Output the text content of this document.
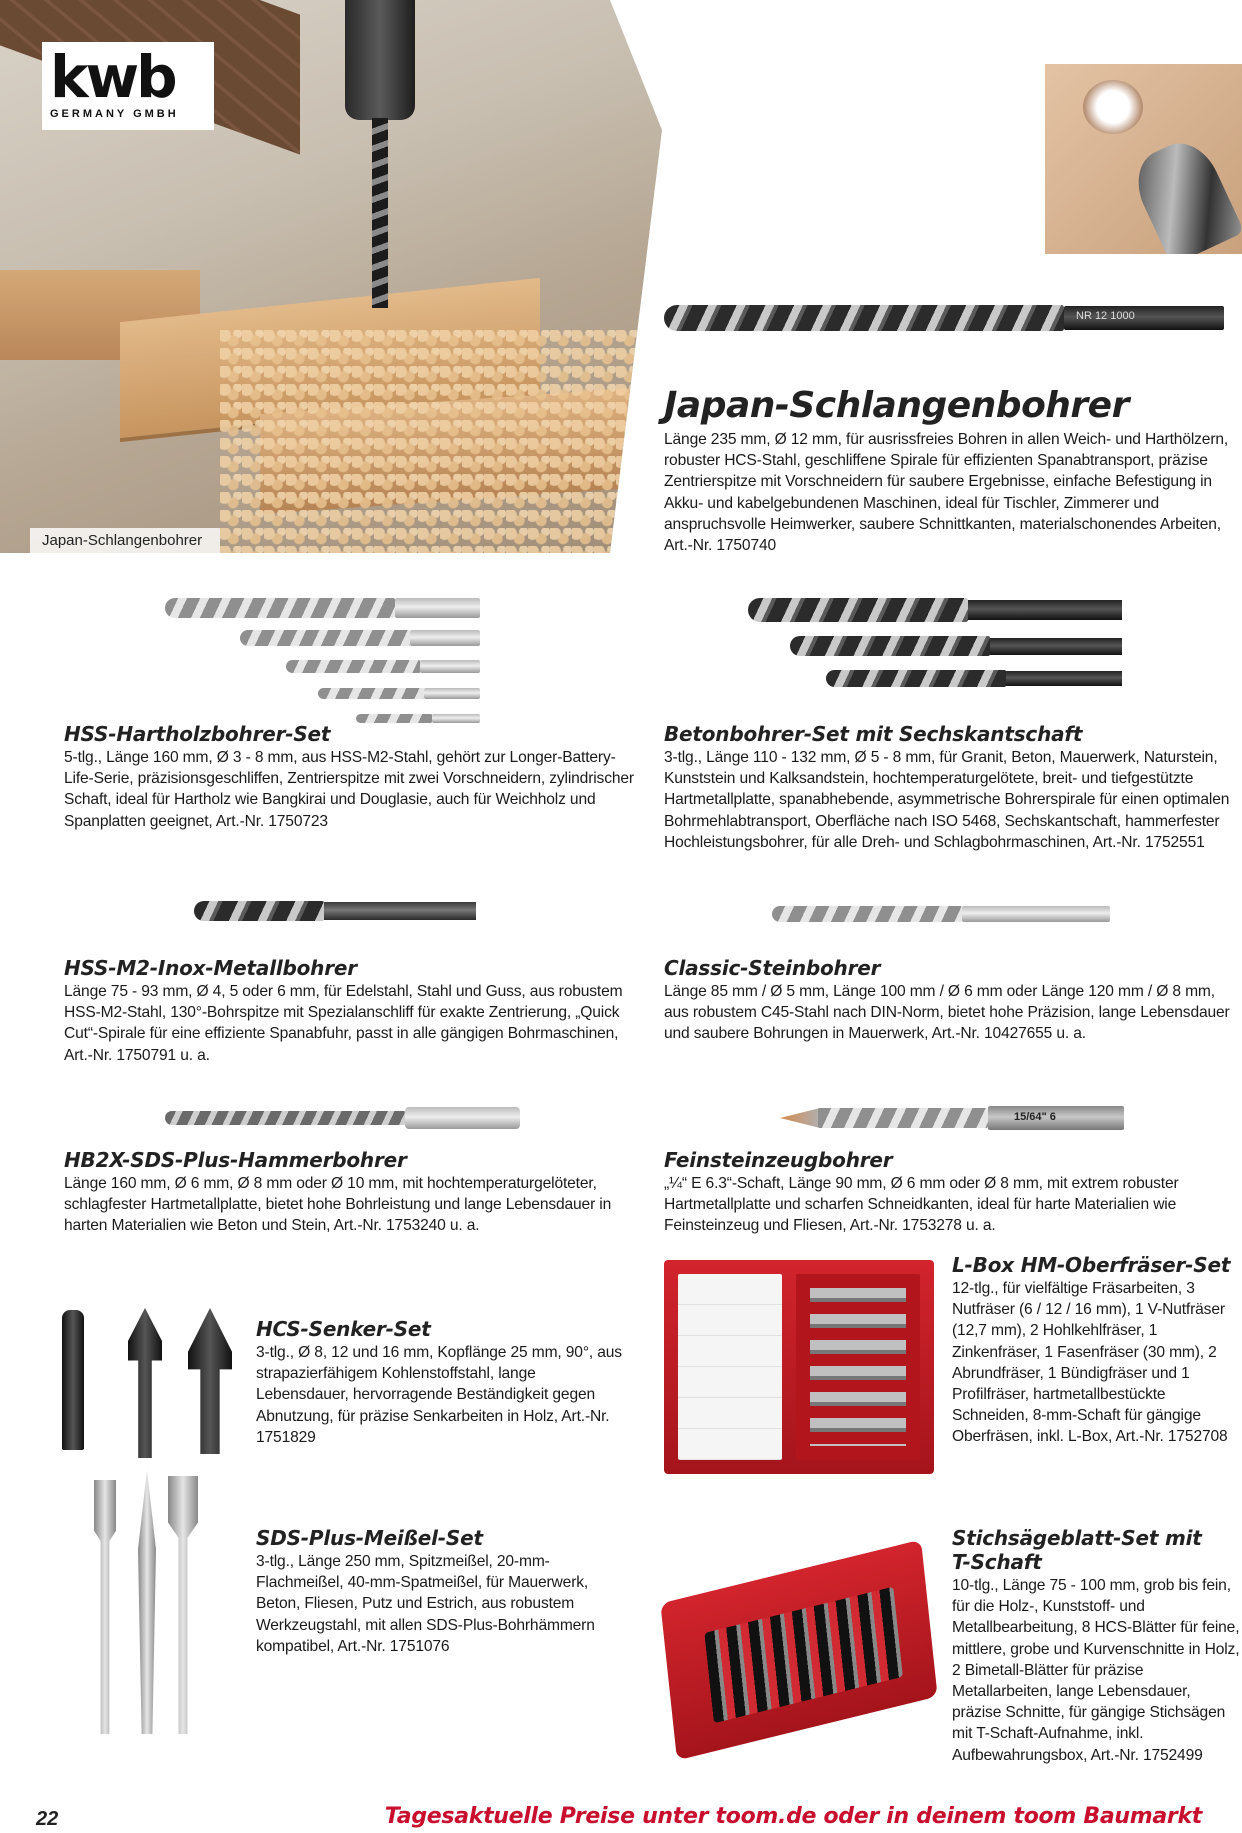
Japan-Schlangenbohrer
kwb
GERMANY GMBH
NR 12 1000
Japan-Schlangenbohrer
Länge 235 mm, Ø 12 mm, für ausrissfreies Bohren in allen Weich- und Harthölzern, robuster HCS-Stahl, geschliffene Spirale für effizienten Spanabtransport, präzise Zentrierspitze mit Vorschneidern für saubere Ergebnisse, einfache Befestigung in Akku- und kabelgebundenen Maschinen, ideal für Tischler, Zimmerer und anspruchsvolle Heimwerker, saubere Schnittkanten, materialschonendes Arbeiten, Art.-Nr. 1750740
HSS-Hartholzbohrer-Set
5-tlg., Länge 160 mm, Ø 3 - 8 mm, aus HSS-M2-Stahl, gehört zur Longer-Battery-Life-Serie, präzisionsgeschliffen, Zentrierspitze mit zwei Vorschneidern, zylindrischer Schaft, ideal für Hartholz wie Bangkirai und Douglasie, auch für Weichholz und Spanplatten geeignet, Art.-Nr. 1750723
Betonbohrer-Set mit Sechskantschaft
3-tlg., Länge 110 - 132 mm, Ø 5 - 8 mm, für Granit, Beton, Mauerwerk, Naturstein, Kunststein und Kalksandstein, hochtemperaturgelötete, breit- und tiefgestützte Hartmetallplatte, spanabhebende, asymmetrische Bohrerspirale für einen optimalen Bohrmehlabtransport, Oberfläche nach ISO 5468, Sechskantschaft, hammerfester Hochleistungsbohrer, für alle Dreh- und Schlagbohrmaschinen, Art.-Nr. 1752551
HSS-M2-Inox-Metallbohrer
Länge 75 - 93 mm, Ø 4, 5 oder 6 mm, für Edelstahl, Stahl und Guss, aus robustem HSS-M2-Stahl, 130°-Bohrspitze mit Spezialanschliff für exakte Zentrierung, „Quick Cut“-Spirale für eine effiziente Spanabfuhr, passt in alle gängigen Bohrmaschinen, Art.-Nr. 1750791 u. a.
Classic-Steinbohrer
Länge 85 mm / Ø 5 mm, Länge 100 mm / Ø 6 mm oder Länge 120 mm / Ø 8 mm, aus robustem C45-Stahl nach DIN-Norm, bietet hohe Präzision, lange Lebensdauer und saubere Bohrungen in Mauerwerk, Art.-Nr. 10427655 u. a.
HB2X-SDS-Plus-Hammerbohrer
Länge 160 mm, Ø 6 mm, Ø 8 mm oder Ø 10 mm, mit hochtemperaturgelöteter, schlagfester Hartmetallplatte, bietet hohe Bohrleistung und lange Lebensdauer in harten Materialien wie Beton und Stein, Art.-Nr. 1753240 u. a.
15/64" 6
Feinsteinzeugbohrer
„¼“ E 6.3“-Schaft, Länge 90 mm, Ø 6 mm oder Ø 8 mm, mit extrem robuster Hartmetallplatte und scharfen Schneidkanten, ideal für harte Materialien wie Feinsteinzeug und Fliesen, Art.-Nr. 1753278 u. a.
L-Box HM-Oberfräser-Set
12-tlg., für vielfältige Fräsarbeiten, 3 Nutfräser (6 / 12 / 16 mm), 1 V-Nutfräser (12,7 mm), 2 Hohlkehlfräser, 1 Zinkenfräser, 1 Fasenfräser (30 mm), 2 Abrundfräser, 1 Bündigfräser und 1 Profilfräser, hartmetallbestückte Schneiden, 8-mm-Schaft für gängige Oberfräsen, inkl. L-Box, Art.-Nr. 1752708
HCS-Senker-Set
3-tlg., Ø 8, 12 und 16 mm, Kopflänge 25 mm, 90°, aus strapazierfähigem Kohlenstoffstahl, lange Lebensdauer, hervorragende Beständigkeit gegen Abnutzung, für präzise Senkarbeiten in Holz, Art.-Nr. 1751829
SDS-Plus-Meißel-Set
3-tlg., Länge 250 mm, Spitzmeißel, 20-mm-Flachmeißel, 40-mm-Spatmeißel, für Mauerwerk, Beton, Fliesen, Putz und Estrich, aus robustem Werkzeugstahl, mit allen SDS-Plus-Bohrhämmern kompatibel, Art.-Nr. 1751076
Stichsägeblatt-Set mit T-Schaft
10-tlg., Länge 75 - 100 mm, grob bis fein, für die Holz-, Kunststoff- und Metallbearbeitung, 8 HCS-Blätter für feine, mittlere, grobe und Kurvenschnitte in Holz, 2 Bimetall-Blätter für präzise Metallarbeiten, lange Lebensdauer, präzise Schnitte, für gängige Stichsägen mit T-Schaft-Aufnahme, inkl. Aufbewahrungsbox, Art.-Nr. 1752499
22	Tagesaktuelle Preise unter toom.de oder in deinem toom Baumarkt
